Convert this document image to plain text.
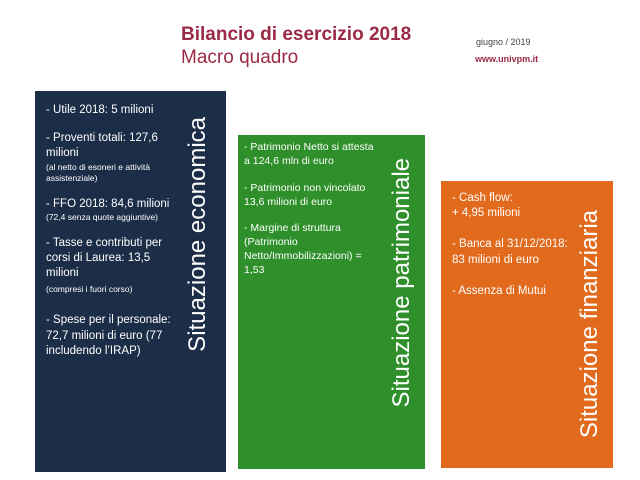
Bilancio di esercizio 2018
Macro quadro
giugno / 2019
www.univpm.it
- Utile 2018: 5 milioni
- Proventi totali: 127,6 milioni
(al netto di esoneri e attività assistenziale)
- FFO 2018: 84,6 milioni
(72,4 senza quote aggiuntive)
- Tasse e contributi per corsi di Laurea: 13,5 milioni
(compresi i fuori corso)
- Spese per il personale: 72,7 milioni di euro (77 includendo l’IRAP)	Situazione economica	- Patrimonio Netto si attesta a 124,6 mln di euro
- Patrimonio non vincolato 13,6 milioni di euro
- Margine di struttura (Patrimonio Netto/Immobilizzazioni) = 1,53	Situazione patrimoniale	- Cash flow:
+ 4,95 milioni
- Banca al 31/12/2018: 83 milioni di euro
- Assenza di Mutui	Situazione finanziaria
